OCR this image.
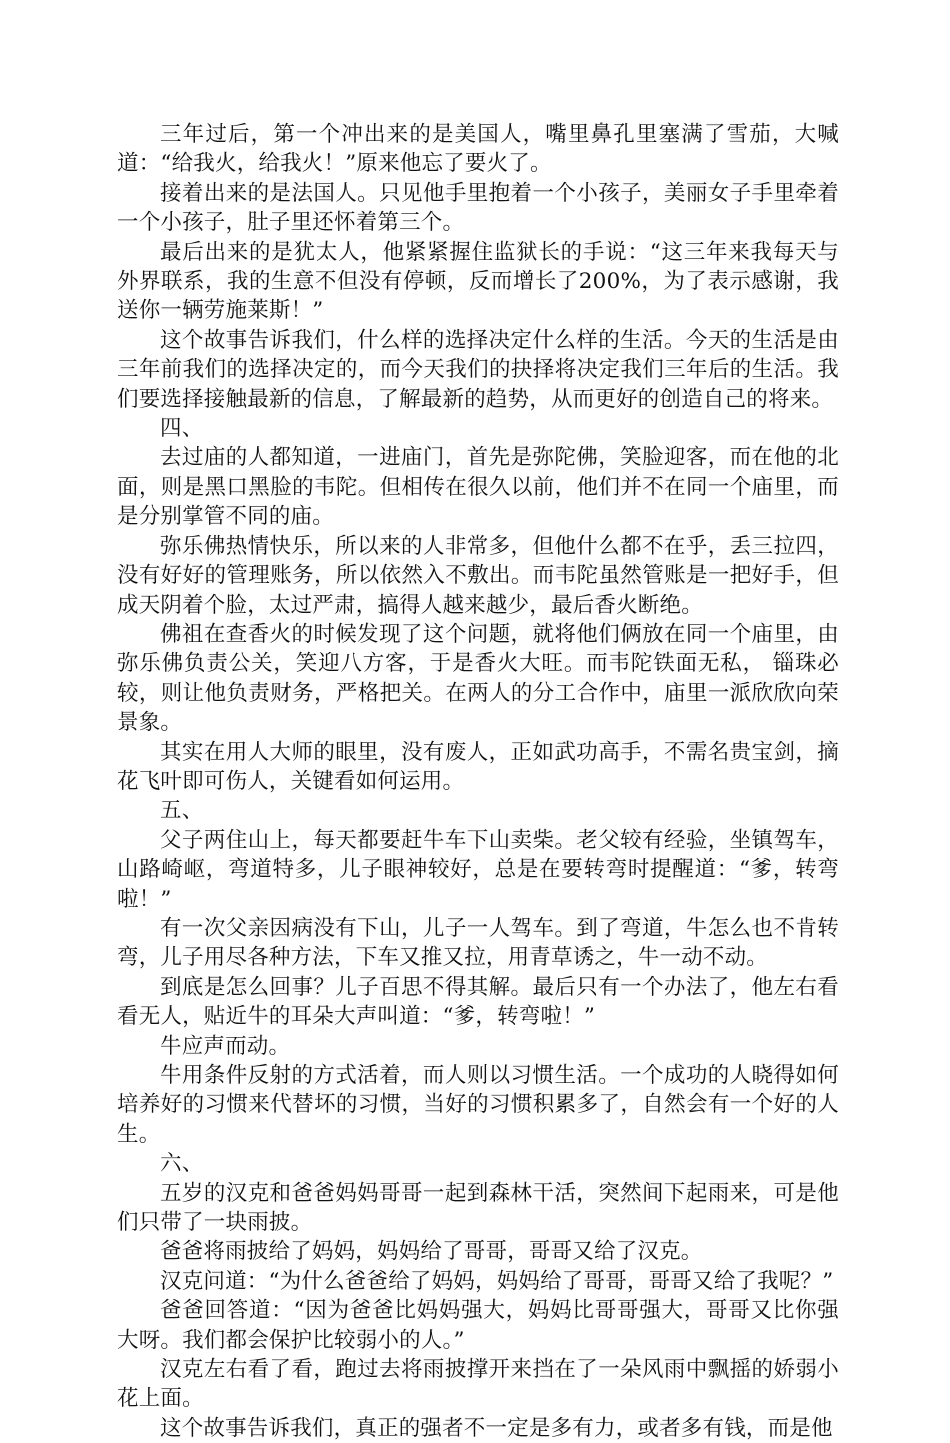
三年过后，第一个冲出来的是美国人，嘴里鼻孔里塞满了雪茄，大喊道：“给我火，给我火！”原来他忘了要火了。

接着出来的是法国人。只见他手里抱着一个小孩子，美丽女子手里牵着一个小孩子，肚子里还怀着第三个。

最后出来的是犹太人，他紧紧握住监狱长的手说：“这三年来我每天与外界联系，我的生意不但没有停顿，反而增长了200%，为了表示感谢，我送你一辆劳施莱斯！”

这个故事告诉我们，什么样的选择决定什么样的生活。今天的生活是由三年前我们的选择决定的，而今天我们的抉择将决定我们三年后的生活。我们要选择接触最新的信息，了解最新的趋势，从而更好的创造自己的将来。

四、

去过庙的人都知道，一进庙门，首先是弥陀佛，笑脸迎客，而在他的北面，则是黑口黑脸的韦陀。但相传在很久以前，他们并不在同一个庙里，而是分别掌管不同的庙。

弥乐佛热情快乐，所以来的人非常多，但他什么都不在乎，丢三拉四，没有好好的管理账务，所以依然入不敷出。而韦陀虽然管账是一把好手，但成天阴着个脸，太过严肃，搞得人越来越少，最后香火断绝。

佛祖在查香火的时候发现了这个问题，就将他们俩放在同一个庙里，由弥乐佛负责公关，笑迎八方客，于是香火大旺。而韦陀铁面无私， 锱珠必较，则让他负责财务，严格把关。在两人的分工合作中，庙里一派欣欣向荣景象。

其实在用人大师的眼里，没有废人，正如武功高手，不需名贵宝剑，摘花飞叶即可伤人，关键看如何运用。

五、

父子两住山上，每天都要赶牛车下山卖柴。老父较有经验，坐镇驾车，山路崎岖，弯道特多，儿子眼神较好，总是在要转弯时提醒道：“爹，转弯啦！”

有一次父亲因病没有下山，儿子一人驾车。到了弯道，牛怎么也不肯转弯，儿子用尽各种方法，下车又推又拉，用青草诱之，牛一动不动。

到底是怎么回事？儿子百思不得其解。最后只有一个办法了，他左右看看无人，贴近牛的耳朵大声叫道：“爹，转弯啦！”

牛应声而动。

牛用条件反射的方式活着，而人则以习惯生活。一个成功的人晓得如何培养好的习惯来代替坏的习惯，当好的习惯积累多了，自然会有一个好的人生。

六、

五岁的汉克和爸爸妈妈哥哥一起到森林干活，突然间下起雨来，可是他们只带了一块雨披。

爸爸将雨披给了妈妈，妈妈给了哥哥，哥哥又给了汉克。

汉克问道：“为什么爸爸给了妈妈，妈妈给了哥哥，哥哥又给了我呢？”

爸爸回答道：“因为爸爸比妈妈强大，妈妈比哥哥强大，哥哥又比你强大呀。我们都会保护比较弱小的人。”

汉克左右看了看，跑过去将雨披撑开来挡在了一朵风雨中飘摇的娇弱小花上面。

这个故事告诉我们，真正的强者不一定是多有力，或者多有钱，而是他
